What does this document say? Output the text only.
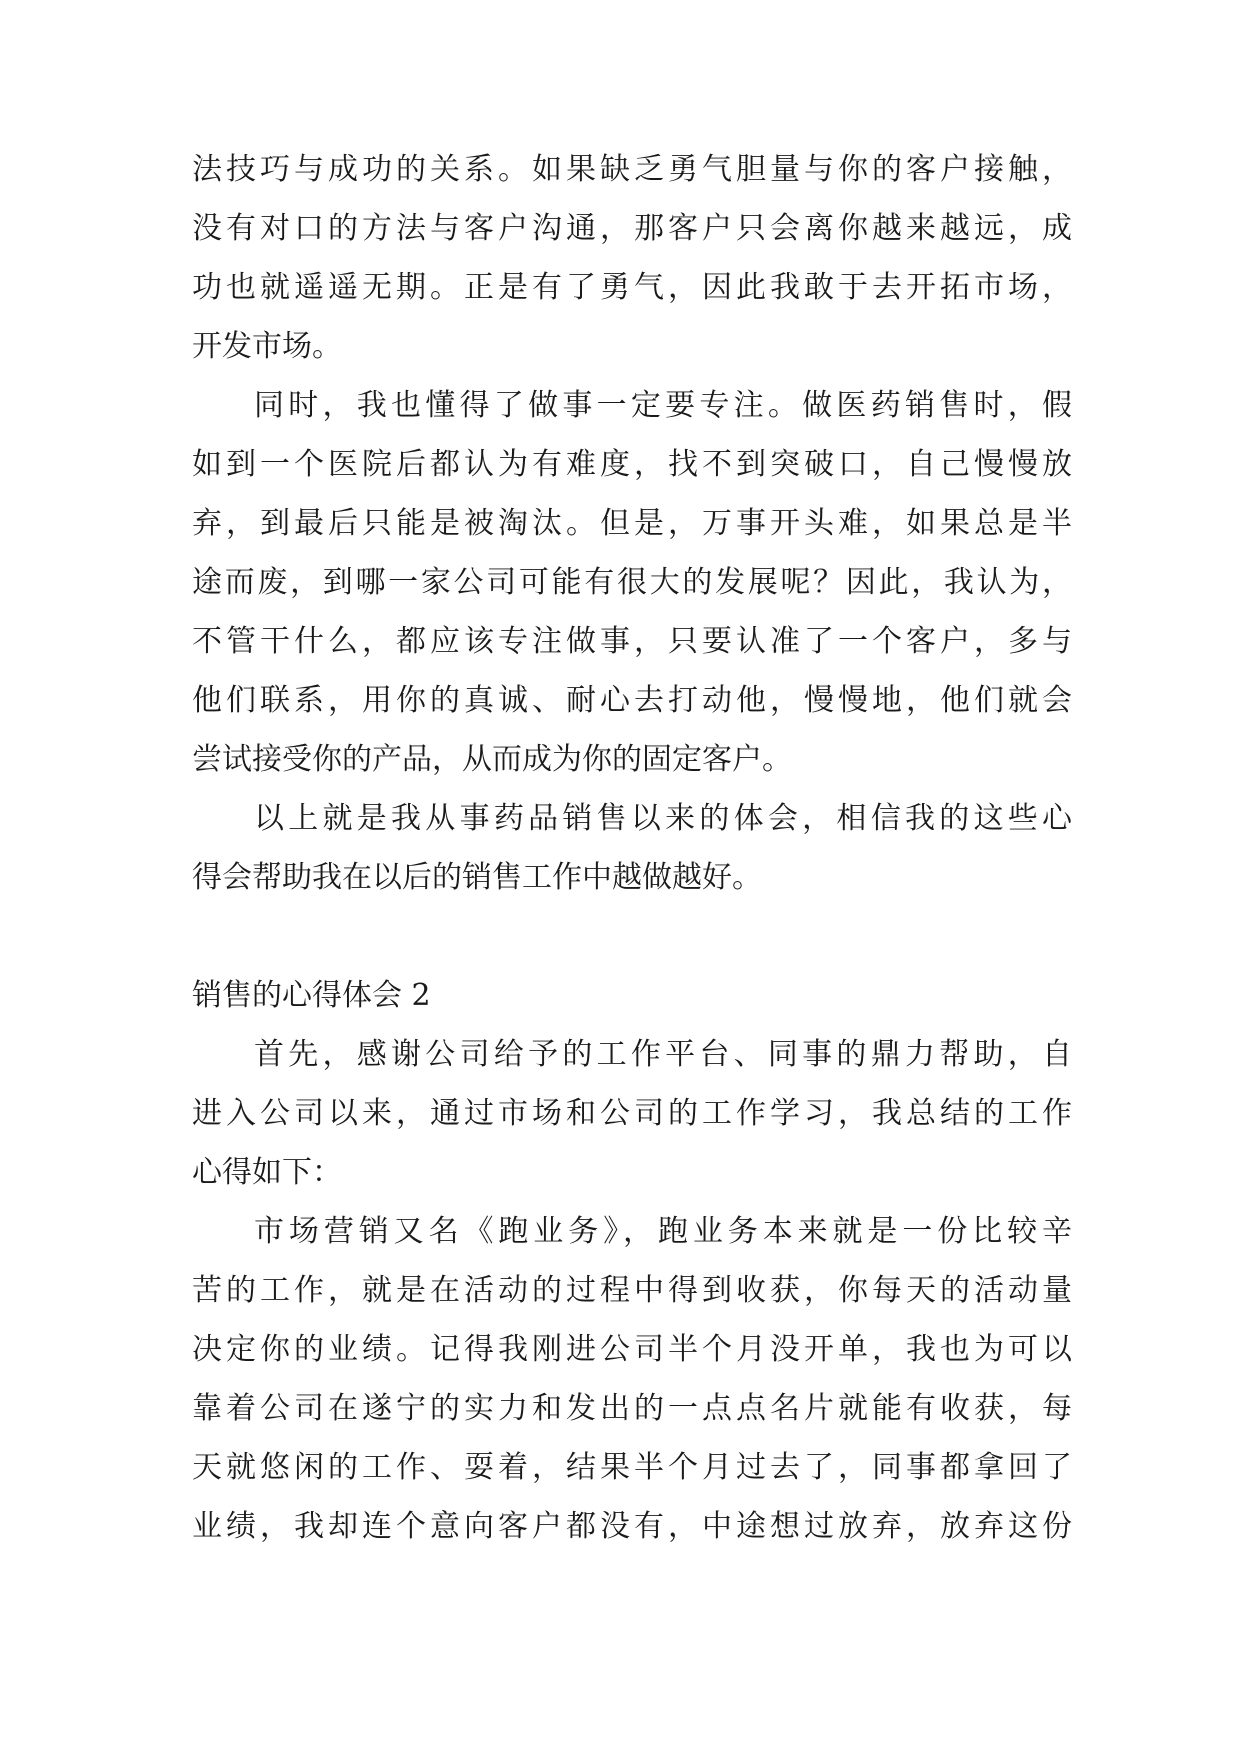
法技巧与成功的关系。如果缺乏勇气胆量与你的客户接触，
没有对口的方法与客户沟通，那客户只会离你越来越远，成
功也就遥遥无期。正是有了勇气，因此我敢于去开拓市场，
开发市场。
同时，我也懂得了做事一定要专注。做医药销售时，假
如到一个医院后都认为有难度，找不到突破口，自己慢慢放
弃，到最后只能是被淘汰。但是，万事开头难，如果总是半
途而废，到哪一家公司可能有很大的发展呢？因此，我认为，
不管干什么，都应该专注做事，只要认准了一个客户，多与
他们联系，用你的真诚、耐心去打动他，慢慢地，他们就会
尝试接受你的产品，从而成为你的固定客户。
以上就是我从事药品销售以来的体会，相信我的这些心
得会帮助我在以后的销售工作中越做越好。
销售的心得体会 2
首先，感谢公司给予的工作平台、同事的鼎力帮助，自
进入公司以来，通过市场和公司的工作学习，我总结的工作
心得如下：
市场营销又名《跑业务》，跑业务本来就是一份比较辛
苦的工作，就是在活动的过程中得到收获，你每天的活动量
决定你的业绩。记得我刚进公司半个月没开单，我也为可以
靠着公司在遂宁的实力和发出的一点点名片就能有收获，每
天就悠闲的工作、耍着，结果半个月过去了，同事都拿回了
业绩，我却连个意向客户都没有，中途想过放弃，放弃这份
